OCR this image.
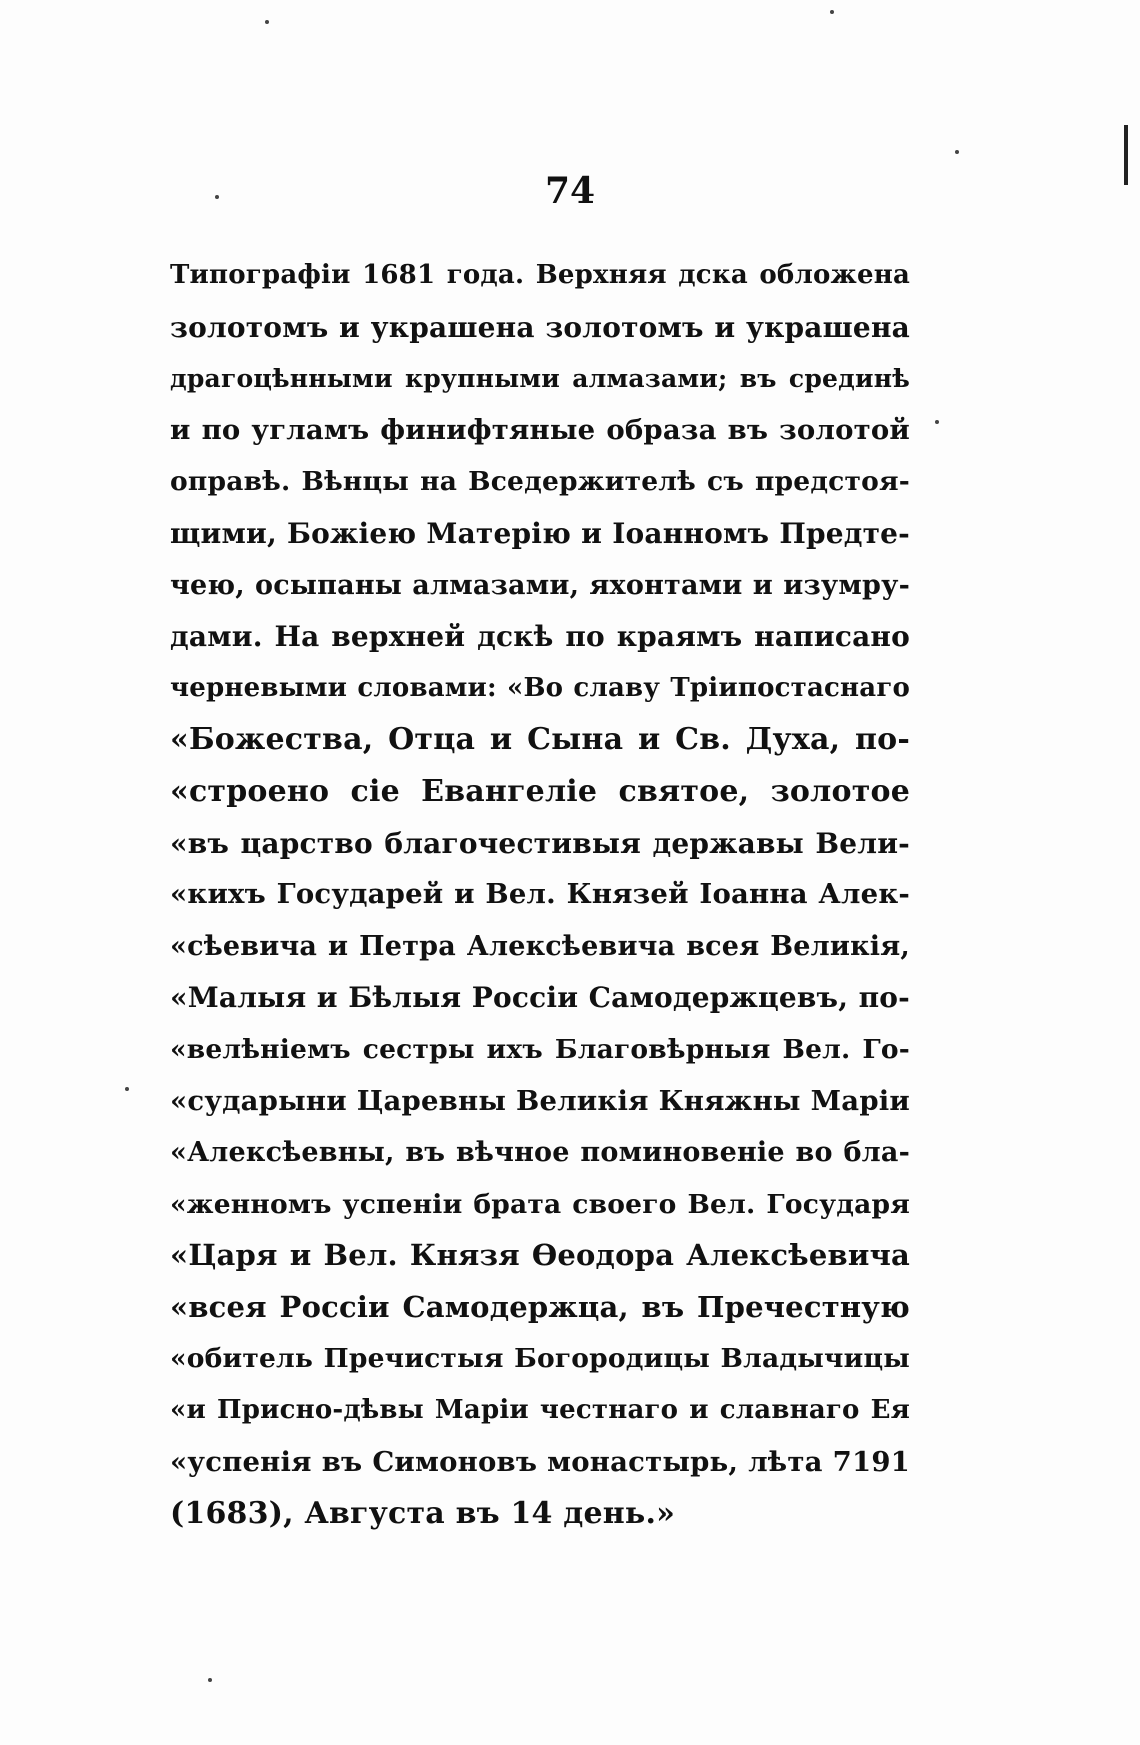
74
Типографіи 1681 года. Верхняя дска обложена
золотомъ и украшена золотомъ и украшена
драгоцѣнными крупными алмазами; въ срединѣ
и по угламъ финифтяные образа въ золотой
оправѣ. Вѣнцы на Вседержителѣ съ предстоя-
щими, Божіею Матерію и Іоанномъ Предте-
чею, осыпаны алмазами, яхонтами и изумру-
дами. На верхней дскѣ по краямъ написано
черневыми словами: «Во славу Тріипостаснаго
«Божества, Отца и Сына и Св. Духа, по-
«строено сіе Евангеліе святое, золотое
«въ царство благочестивыя державы Вели-
«кихъ Государей и Вел. Князей Іоанна Алек-
«сѣевича и Петра Алексѣевича всея Великія,
«Малыя и Бѣлыя Россіи Самодержцевъ, по-
«велѣніемъ сестры ихъ Благовѣрныя Вел. Го-
«сударыни Царевны Великія Княжны Маріи
«Алексѣевны, въ вѣчное поминовеніе во бла-
«женномъ успеніи брата своего Вел. Государя
«Царя и Вел. Князя Ѳеодора Алексѣевича
«всея Россіи Самодержца, въ Пречестную
«обитель Пречистыя Богородицы Владычицы
«и Присно-дѣвы Маріи честнаго и славнаго Ея
«успенія въ Симоновъ монастырь, лѣта 7191
(1683), Августа въ 14 день.»
